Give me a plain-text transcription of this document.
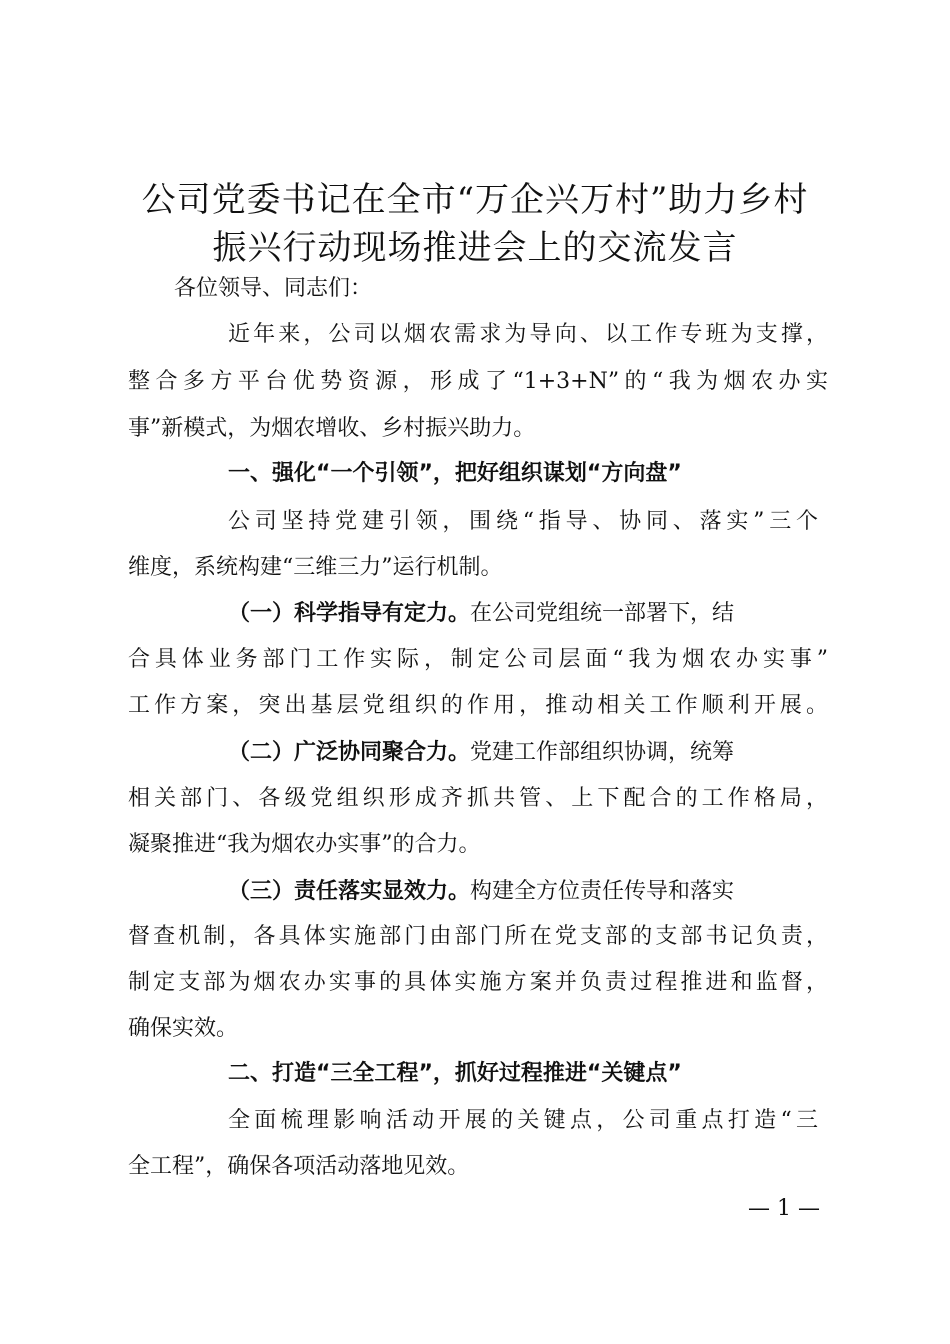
公司党委书记在全市“万企兴万村”助力乡村
振兴行动现场推进会上的交流发言
各位领导、同志们：
近年来，公司以烟农需求为导向、以工作专班为支撑，
整合多方平台优势资源，形成了“1+3+N”的“我为烟农办实
事”新模式，为烟农增收、乡村振兴助力。
一、强化“一个引领”，把好组织谋划“方向盘”
公司坚持党建引领，围绕“指导、协同、落实”三个
维度，系统构建“三维三力”运行机制。
（一）科学指导有定力。在公司党组统一部署下，结
合具体业务部门工作实际，制定公司层面“我为烟农办实事”
工作方案，突出基层党组织的作用，推动相关工作顺利开展。
（二）广泛协同聚合力。党建工作部组织协调，统筹
相关部门、各级党组织形成齐抓共管、上下配合的工作格局，
凝聚推进“我为烟农办实事”的合力。
（三）责任落实显效力。构建全方位责任传导和落实
督查机制，各具体实施部门由部门所在党支部的支部书记负责，
制定支部为烟农办实事的具体实施方案并负责过程推进和监督，
确保实效。
二、打造“三全工程”，抓好过程推进“关键点”
全面梳理影响活动开展的关键点，公司重点打造“三
全工程”，确保各项活动落地见效。
— 1 —
